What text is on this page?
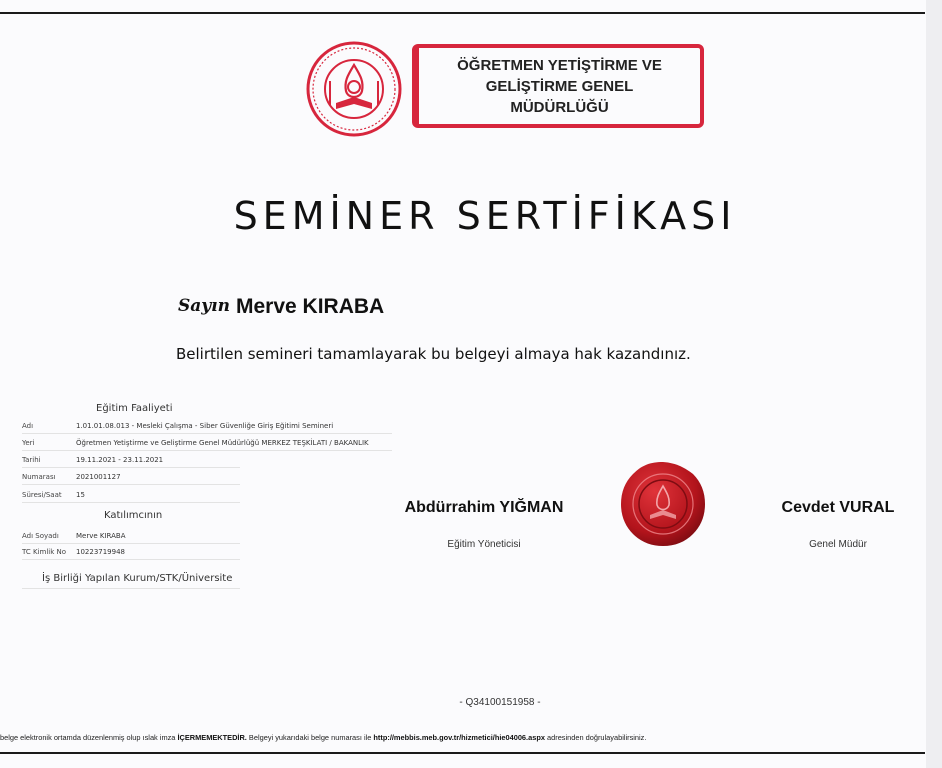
ÖĞRETMEN YETİŞTİRME VE
GELİŞTİRME GENEL
MÜDÜRLÜĞÜ
SEMİNER SERTİFİKASI
Sayın Merve KIRABA
Belirtilen semineri tamamlayarak bu belgeyi almaya hak kazandınız.
Eğitim Faaliyeti
Adı	1.01.01.08.013 - Mesleki Çalışma - Siber Güvenliğe Giriş Eğitimi Semineri
Yeri	Öğretmen Yetiştirme ve Geliştirme Genel Müdürlüğü MERKEZ TEŞKİLATI / BAKANLIK
Tarihi	19.11.2021 - 23.11.2021
Numarası	2021001127
Süresi/Saat 15
Katılımcının
Adı Soyadı Merve KIRABA
TC Kimlik No 10223719948
İş Birliği Yapılan Kurum/STK/Üniversite
Abdürrahim YIĞMAN
Eğitim Yöneticisi
Cevdet VURAL
Genel Müdür
- Q34100151958 -
belge elektronik ortamda düzenlenmiş olup ıslak imza İÇERMEMEKTEDİR. Belgeyi yukarıdaki belge numarası ile http://mebbis.meb.gov.tr/hizmetici/hie04006.aspx adresinden doğrulayabilirsiniz.
